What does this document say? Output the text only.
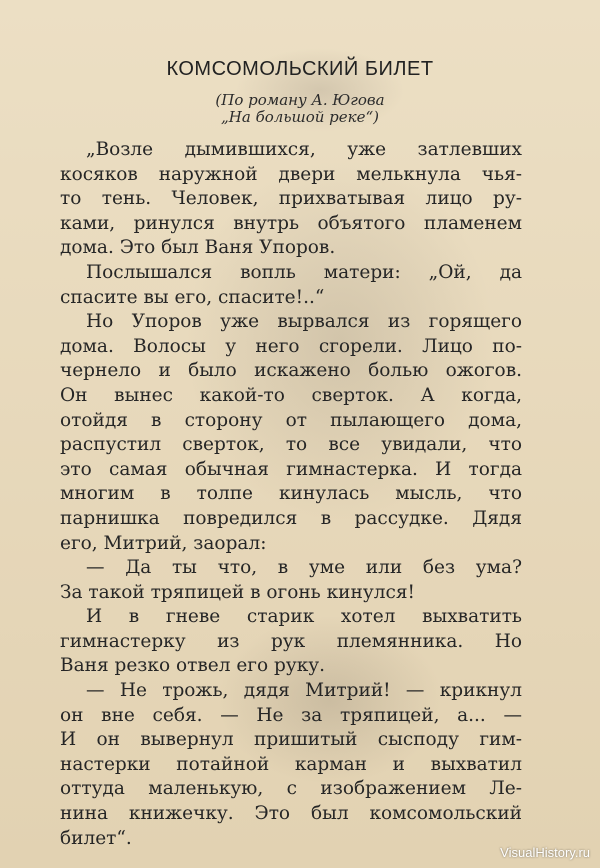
КОМСОМОЛЬСКИЙ БИЛЕТ
(По роману А. Югова
„На большой реке“)
„Возле дымившихся, уже затлевших
косяков наружной двери мелькнула чья-
то тень. Человек, прихватывая лицо ру-
ками, ринулся внутрь объятого пламенем
дома. Это был Ваня Упоров.
Послышался вопль матери: „Ой, да
спасите вы его, спасите!..“
Но Упоров уже вырвался из горящего
дома. Волосы у него сгорели. Лицо по-
чернело и было искажено болью ожогов.
Он вынес какой-то сверток. А когда,
отойдя в сторону от пылающего дома,
распустил сверток, то все увидали, что
это самая обычная гимнастерка. И тогда
многим в толпе кинулась мысль, что
парнишка повредился в рассудке. Дядя
его, Митрий, заорал:
— Да ты что, в уме или без ума?
За такой тряпицей в огонь кинулся!
И в гневе старик хотел выхватить
гимнастерку из рук племянника. Но
Ваня резко отвел его руку.
— Не трожь, дядя Митрий! — крикнул
он вне себя. — Не за тряпицей, а... —
И он вывернул пришитый сысподу гим-
настерки потайной карман и выхватил
оттуда маленькую, с изображением Ле-
нина книжечку. Это был комсомольский
билет“.
VisualHistory.ru
